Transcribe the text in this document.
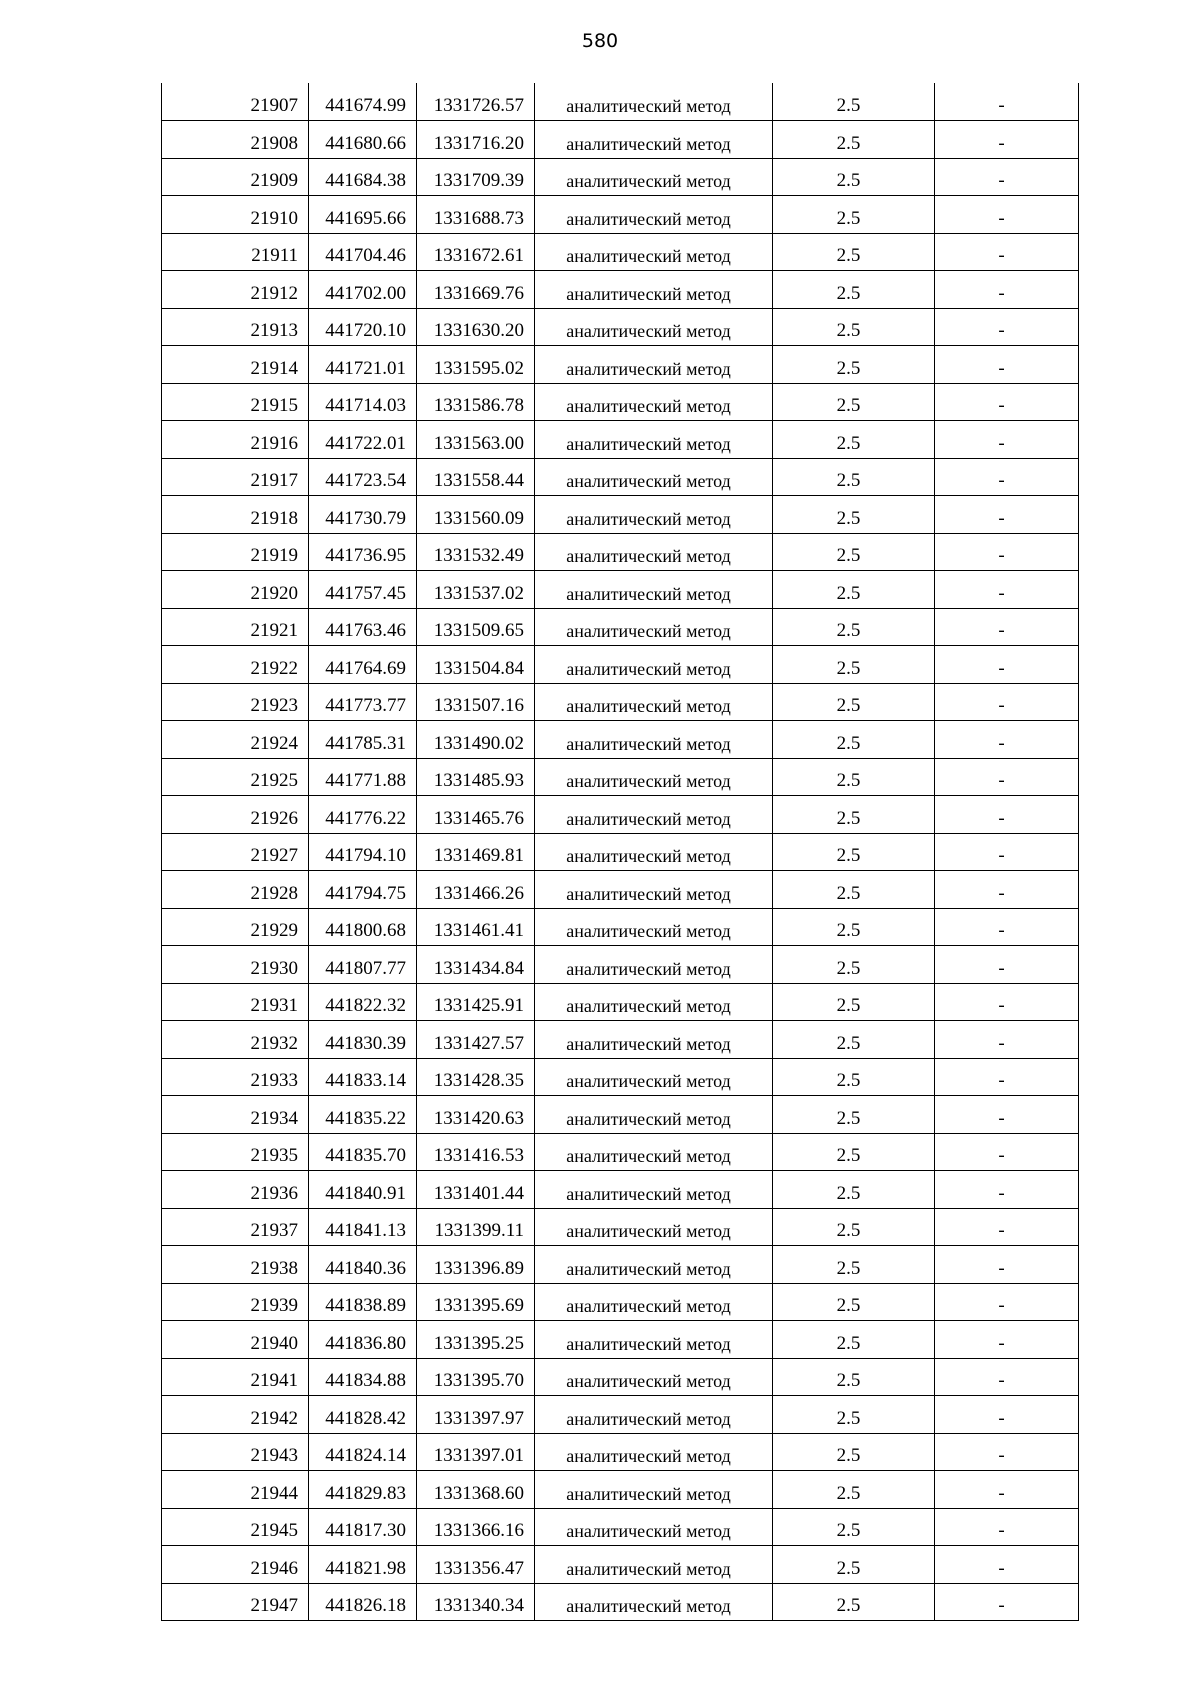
580
21907	441674.99	1331726.57	аналитический метод	2.5	-
21908	441680.66	1331716.20	аналитический метод	2.5	-
21909	441684.38	1331709.39	аналитический метод	2.5	-
21910	441695.66	1331688.73	аналитический метод	2.5	-
21911	441704.46	1331672.61	аналитический метод	2.5	-
21912	441702.00	1331669.76	аналитический метод	2.5	-
21913	441720.10	1331630.20	аналитический метод	2.5	-
21914	441721.01	1331595.02	аналитический метод	2.5	-
21915	441714.03	1331586.78	аналитический метод	2.5	-
21916	441722.01	1331563.00	аналитический метод	2.5	-
21917	441723.54	1331558.44	аналитический метод	2.5	-
21918	441730.79	1331560.09	аналитический метод	2.5	-
21919	441736.95	1331532.49	аналитический метод	2.5	-
21920	441757.45	1331537.02	аналитический метод	2.5	-
21921	441763.46	1331509.65	аналитический метод	2.5	-
21922	441764.69	1331504.84	аналитический метод	2.5	-
21923	441773.77	1331507.16	аналитический метод	2.5	-
21924	441785.31	1331490.02	аналитический метод	2.5	-
21925	441771.88	1331485.93	аналитический метод	2.5	-
21926	441776.22	1331465.76	аналитический метод	2.5	-
21927	441794.10	1331469.81	аналитический метод	2.5	-
21928	441794.75	1331466.26	аналитический метод	2.5	-
21929	441800.68	1331461.41	аналитический метод	2.5	-
21930	441807.77	1331434.84	аналитический метод	2.5	-
21931	441822.32	1331425.91	аналитический метод	2.5	-
21932	441830.39	1331427.57	аналитический метод	2.5	-
21933	441833.14	1331428.35	аналитический метод	2.5	-
21934	441835.22	1331420.63	аналитический метод	2.5	-
21935	441835.70	1331416.53	аналитический метод	2.5	-
21936	441840.91	1331401.44	аналитический метод	2.5	-
21937	441841.13	1331399.11	аналитический метод	2.5	-
21938	441840.36	1331396.89	аналитический метод	2.5	-
21939	441838.89	1331395.69	аналитический метод	2.5	-
21940	441836.80	1331395.25	аналитический метод	2.5	-
21941	441834.88	1331395.70	аналитический метод	2.5	-
21942	441828.42	1331397.97	аналитический метод	2.5	-
21943	441824.14	1331397.01	аналитический метод	2.5	-
21944	441829.83	1331368.60	аналитический метод	2.5	-
21945	441817.30	1331366.16	аналитический метод	2.5	-
21946	441821.98	1331356.47	аналитический метод	2.5	-
21947	441826.18	1331340.34	аналитический метод	2.5	-
